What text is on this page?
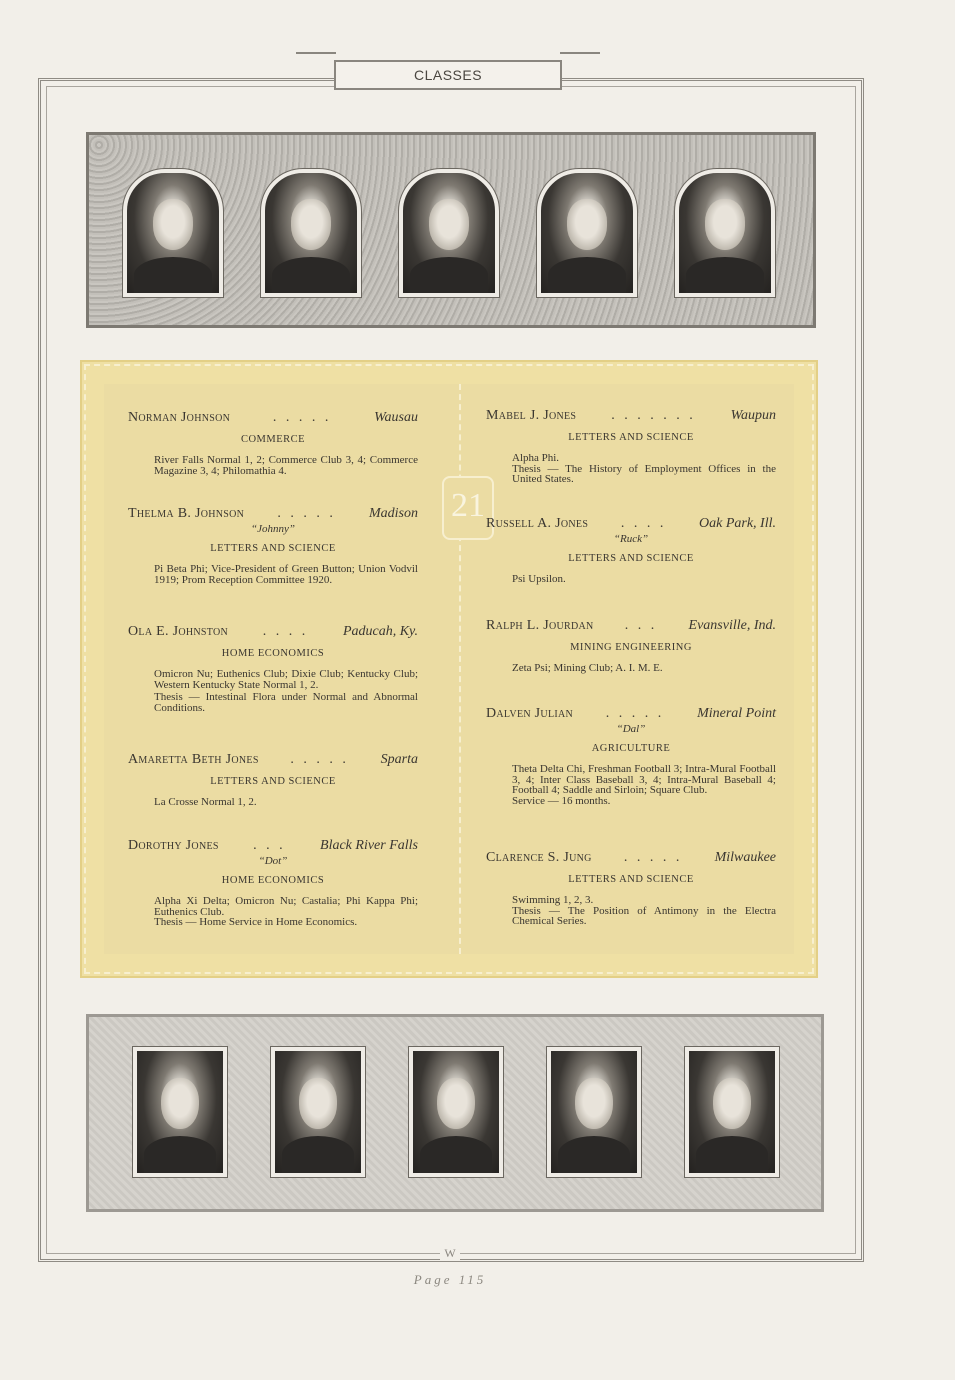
CLASSES
21
Norman Johnson	. . . . .	Wausau
COMMERCE
River Falls Normal 1, 2; Commerce Club 3, 4; Commerce Magazine 3, 4; Philomathia 4.
Thelma B. Johnson	. . . . .	Madison
“Johnny”
LETTERS AND SCIENCE
Pi Beta Phi; Vice-President of Green Button; Union Vodvil 1919; Prom Reception Committee 1920.
Ola E. Johnston	. . . .	Paducah, Ky.
HOME ECONOMICS
Omicron Nu; Euthenics Club; Dixie Club; Kentucky Club; Western Kentucky State Normal 1, 2.
Thesis — Intestinal Flora under Normal and Abnormal Conditions.
Amaretta Beth Jones	. . . . .	Sparta
LETTERS AND SCIENCE
La Crosse Normal 1, 2.
Dorothy Jones	. . .	Black River Falls
“Dot”
HOME ECONOMICS
Alpha Xi Delta; Omicron Nu; Castalia; Phi Kappa Phi; Euthenics Club.
Thesis — Home Service in Home Economics.
Mabel J. Jones	. . . . . . .	Waupun
LETTERS AND SCIENCE
Alpha Phi.
Thesis — The History of Employment Offices in the United States.
Russell A. Jones	. . . .	Oak Park, Ill.
“Ruck”
LETTERS AND SCIENCE
Psi Upsilon.
Ralph L. Jourdan	. . .	Evansville, Ind.
MINING ENGINEERING
Zeta Psi; Mining Club; A. I. M. E.
Dalven Julian	. . . . .	Mineral Point
“Dal”
AGRICULTURE
Theta Delta Chi, Freshman Football 3; Intra-Mural Football 3, 4; Inter Class Baseball 3, 4; Intra-Mural Baseball 4; Football 4; Saddle and Sirloin; Square Club.
Service — 16 months.
Clarence S. Jung	. . . . .	Milwaukee
LETTERS AND SCIENCE
Swimming 1, 2, 3.
Thesis — The Position of Antimony in the Electra Chemical Series.
W
Page 115
